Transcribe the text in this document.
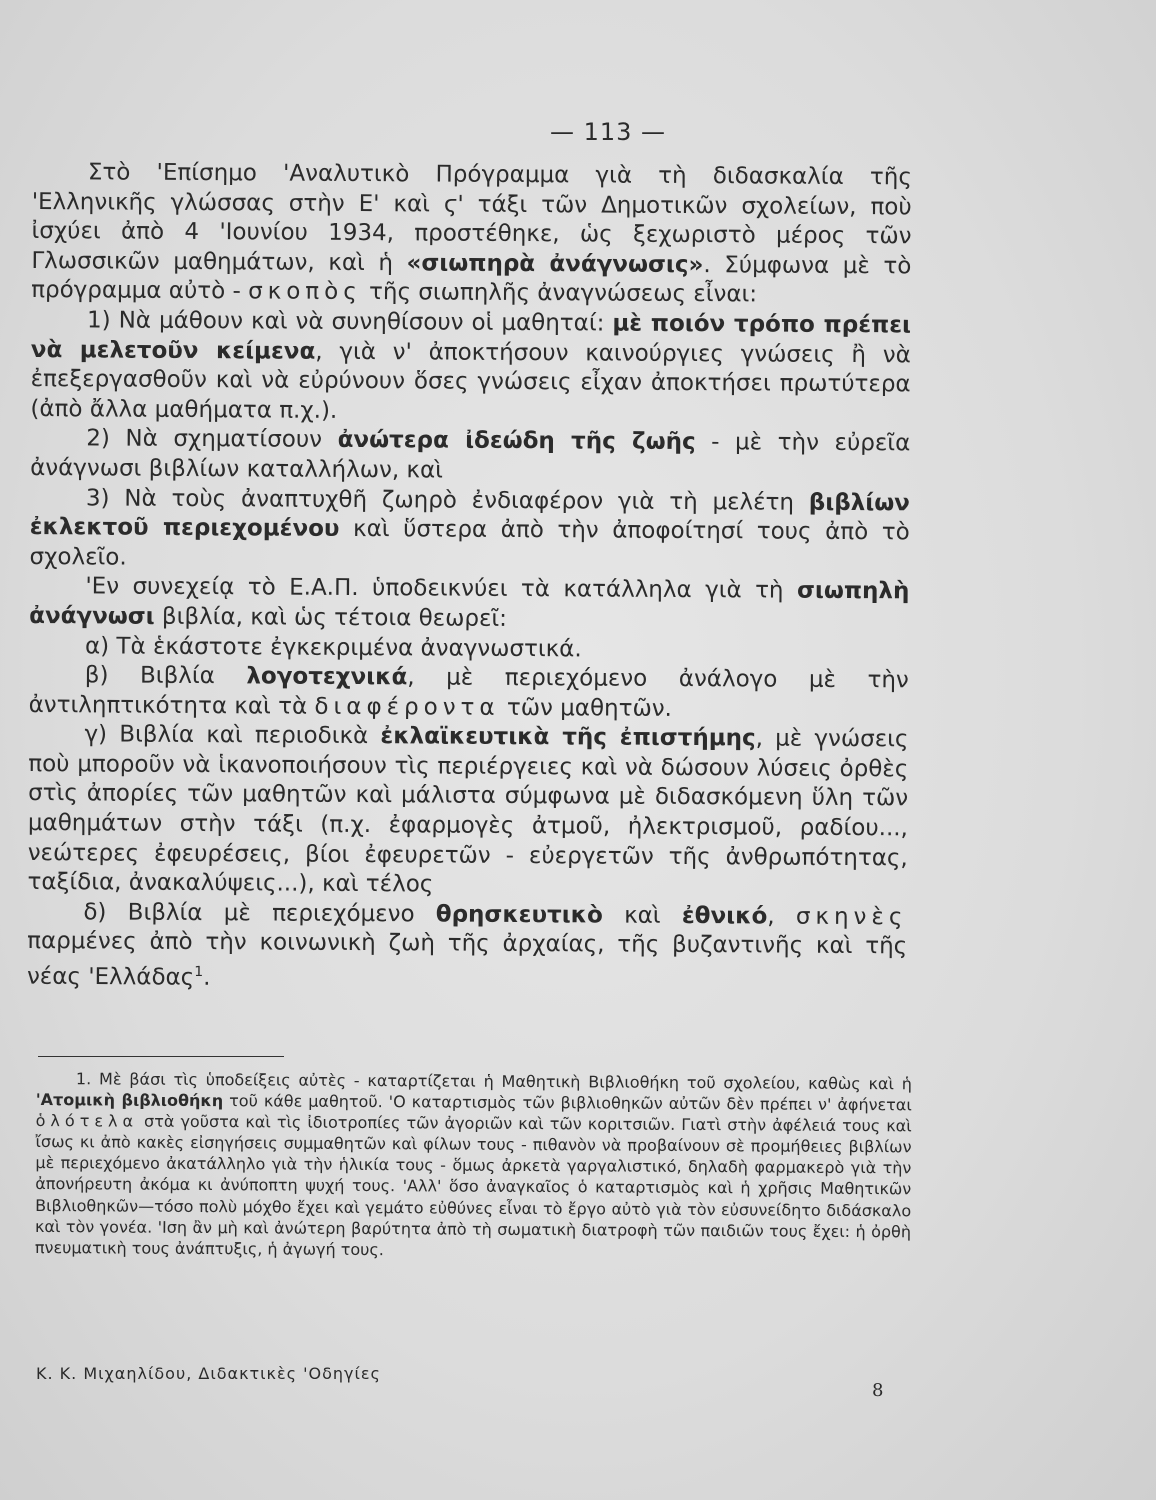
— 113 —

Στὸ 'Επίσημο 'Αναλυτικὸ Πρόγραμμα γιὰ τὴ διδασκαλία τῆς 'Ελληνικῆς γλώσσας στὴν Ε' καὶ ϛ' τάξι τῶν Δημοτικῶν σχολείων, ποὺ ἰσχύει ἀπὸ 4 'Ιουνίου 1934, προστέθηκε, ὡς ξεχωριστὸ μέρος τῶν Γλωσσικῶν μαθημάτων, καὶ ἡ «σιωπηρὰ ἀνάγνωσις». Σύμφωνα μὲ τὸ πρόγραμμα αὐτὸ - σκοπὸς τῆς σιωπηλῆς ἀναγνώσεως εἶναι:

1) Νὰ μάθουν καὶ νὰ συνηθίσουν οἱ μαθηταί: μὲ ποιόν τρόπο πρέπει νὰ μελετοῦν κείμενα, γιὰ ν' ἀποκτήσουν καινούργιες γνώσεις ἢ νὰ ἐπεξεργασθοῦν καὶ νὰ εὐρύνουν ὅσες γνώσεις εἶχαν ἀποκτήσει πρωτύτερα (ἀπὸ ἄλλα μαθήματα π.χ.).

2) Νὰ σχηματίσουν ἀνώτερα ἰδεώδη τῆς ζωῆς - μὲ τὴν εὐρεῖα ἀνάγνωσι βιβλίων καταλλήλων, καὶ

3) Νὰ τοὺς ἀναπτυχθῆ ζωηρὸ ἐνδιαφέρον γιὰ τὴ μελέτη βιβλίων ἐκλεκτοῦ περιεχομένου καὶ ὕστερα ἀπὸ τὴν ἀποφοίτησί τους ἀπὸ τὸ σχολεῖο.

'Εν συνεχείᾳ τὸ Ε.Α.Π. ὑποδεικνύει τὰ κατάλληλα γιὰ τὴ σιωπηλὴ ἀνάγνωσι βιβλία, καὶ ὡς τέτοια θεωρεῖ:

α) Τὰ ἑκάστοτε ἐγκεκριμένα ἀναγνωστικά.

β) Βιβλία λογοτεχνικά, μὲ περιεχόμενο ἀνάλογο μὲ τὴν ἀντιληπτικότητα καὶ τὰ διαφέροντα τῶν μαθητῶν.

γ) Βιβλία καὶ περιοδικὰ ἐκλαϊκευτικὰ τῆς ἐπιστήμης, μὲ γνώσεις ποὺ μποροῦν νὰ ἱκανοποιήσουν τὶς περιέργειες καὶ νὰ δώσουν λύσεις ὀρθὲς στὶς ἀπορίες τῶν μαθητῶν καὶ μάλιστα σύμφωνα μὲ διδασκόμενη ὕλη τῶν μαθημάτων στὴν τάξι (π.χ. ἐφαρμογὲς ἀτμοῦ, ἠλεκτρισμοῦ, ραδίου..., νεώτερες ἐφευρέσεις, βίοι ἐφευρετῶν - εὐεργετῶν τῆς ἀνθρωπότητας, ταξίδια, ἀνακαλύψεις...), καὶ τέλος

δ) Βιβλία μὲ περιεχόμενο θρησκευτικὸ καὶ ἐθνικό, σκηνὲς παρμένες ἀπὸ τὴν κοινωνικὴ ζωὴ τῆς ἀρχαίας, τῆς βυζαντινῆς καὶ τῆς νέας 'Ελλάδας$^1$.

1. Μὲ βάσι τὶς ὑποδείξεις αὐτὲς - καταρτίζεται ἡ Μαθητικὴ Βιβλιοθήκη τοῦ σχολείου, καθὼς καὶ ἡ 'Ατομικὴ βιβλιοθήκη τοῦ κάθε μαθητοῦ. 'Ο καταρτισμὸς τῶν βιβλιοθηκῶν αὐτῶν δὲν πρέπει ν' ἀφήνεται ὁλότελα στὰ γοῦστα καὶ τὶς ἰδιοτροπίες τῶν ἀγοριῶν καὶ τῶν κοριτσιῶν. Γιατὶ στὴν ἀφέλειά τους καὶ ἴσως κι ἀπὸ κακὲς εἰσηγήσεις συμμαθητῶν καὶ φίλων τους - πιθανὸν νὰ προβαίνουν σὲ προμήθειες βιβλίων μὲ περιεχόμενο ἀκατάλληλο γιὰ τὴν ἡλικία τους - ὅμως ἀρκετὰ γαργαλιστικό, δηλαδὴ φαρμακερὸ γιὰ τὴν ἀπονήρευτη ἀκόμα κι ἀνύποπτη ψυχή τους. 'Αλλ' ὅσο ἀναγκαῖος ὁ καταρτισμὸς καὶ ἡ χρῆσις Μαθητικῶν Βιβλιοθηκῶν—τόσο πολὺ μόχθο ἔχει καὶ γεμάτο εὐθύνες εἶναι τὸ ἔργο αὐτὸ γιὰ τὸν εὐσυνείδητο διδάσκαλο καὶ τὸν γονέα. 'Ιση ἂν μὴ καὶ ἀνώτερη βαρύτητα ἀπὸ τὴ σωματικὴ διατροφὴ τῶν παιδιῶν τους ἔχει: ἡ ὀρθὴ πνευματικὴ τους ἀνάπτυξις, ἡ ἀγωγή τους.

Κ. Κ. Μιχαηλίδου, Διδακτικὲς 'Οδηγίες
8
